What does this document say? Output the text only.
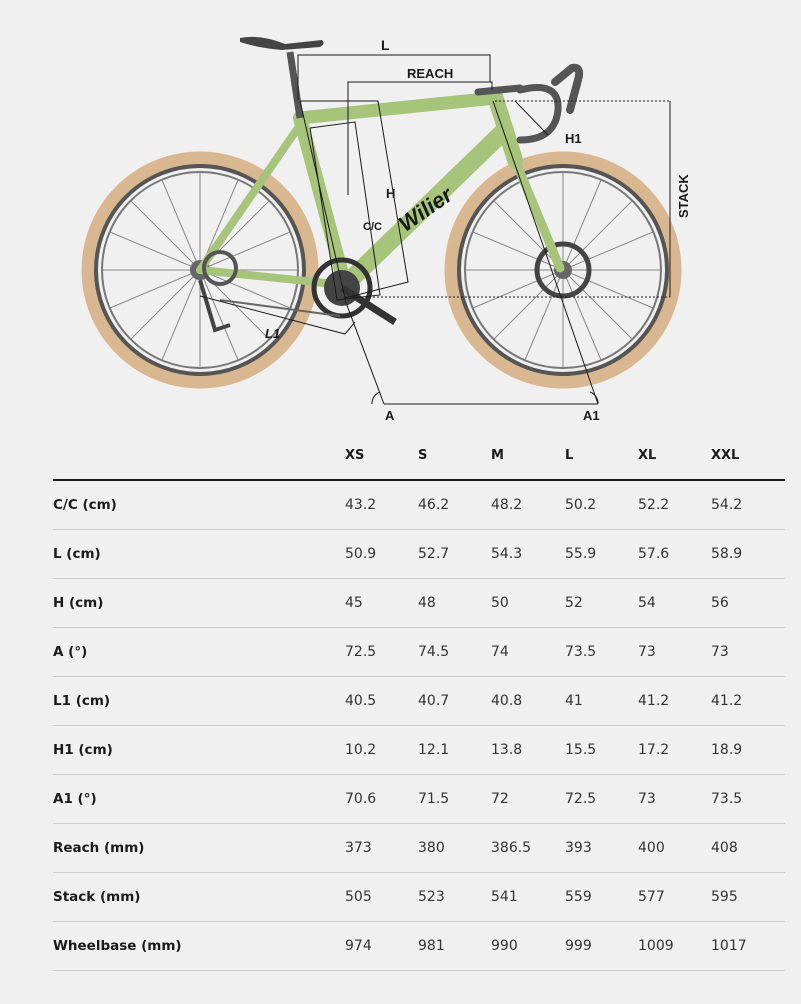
Wilier
L
REACH
H
C/C
H1
STACK
L1
A	A1
	XS	S	M	L	XL	XXL
C/C (cm)	43.2	46.2	48.2	50.2	52.2	54.2
L (cm)	50.9	52.7	54.3	55.9	57.6	58.9
H (cm)	45	48	50	52	54	56
A (°)	72.5	74.5	74	73.5	73	73
L1 (cm)	40.5	40.7	40.8	41	41.2	41.2
H1 (cm)	10.2	12.1	13.8	15.5	17.2	18.9
A1 (°)	70.6	71.5	72	72.5	73	73.5
Reach (mm)	373	380	386.5	393	400	408
Stack (mm)	505	523	541	559	577	595
Wheelbase (mm)	974	981	990	999	1009	1017
